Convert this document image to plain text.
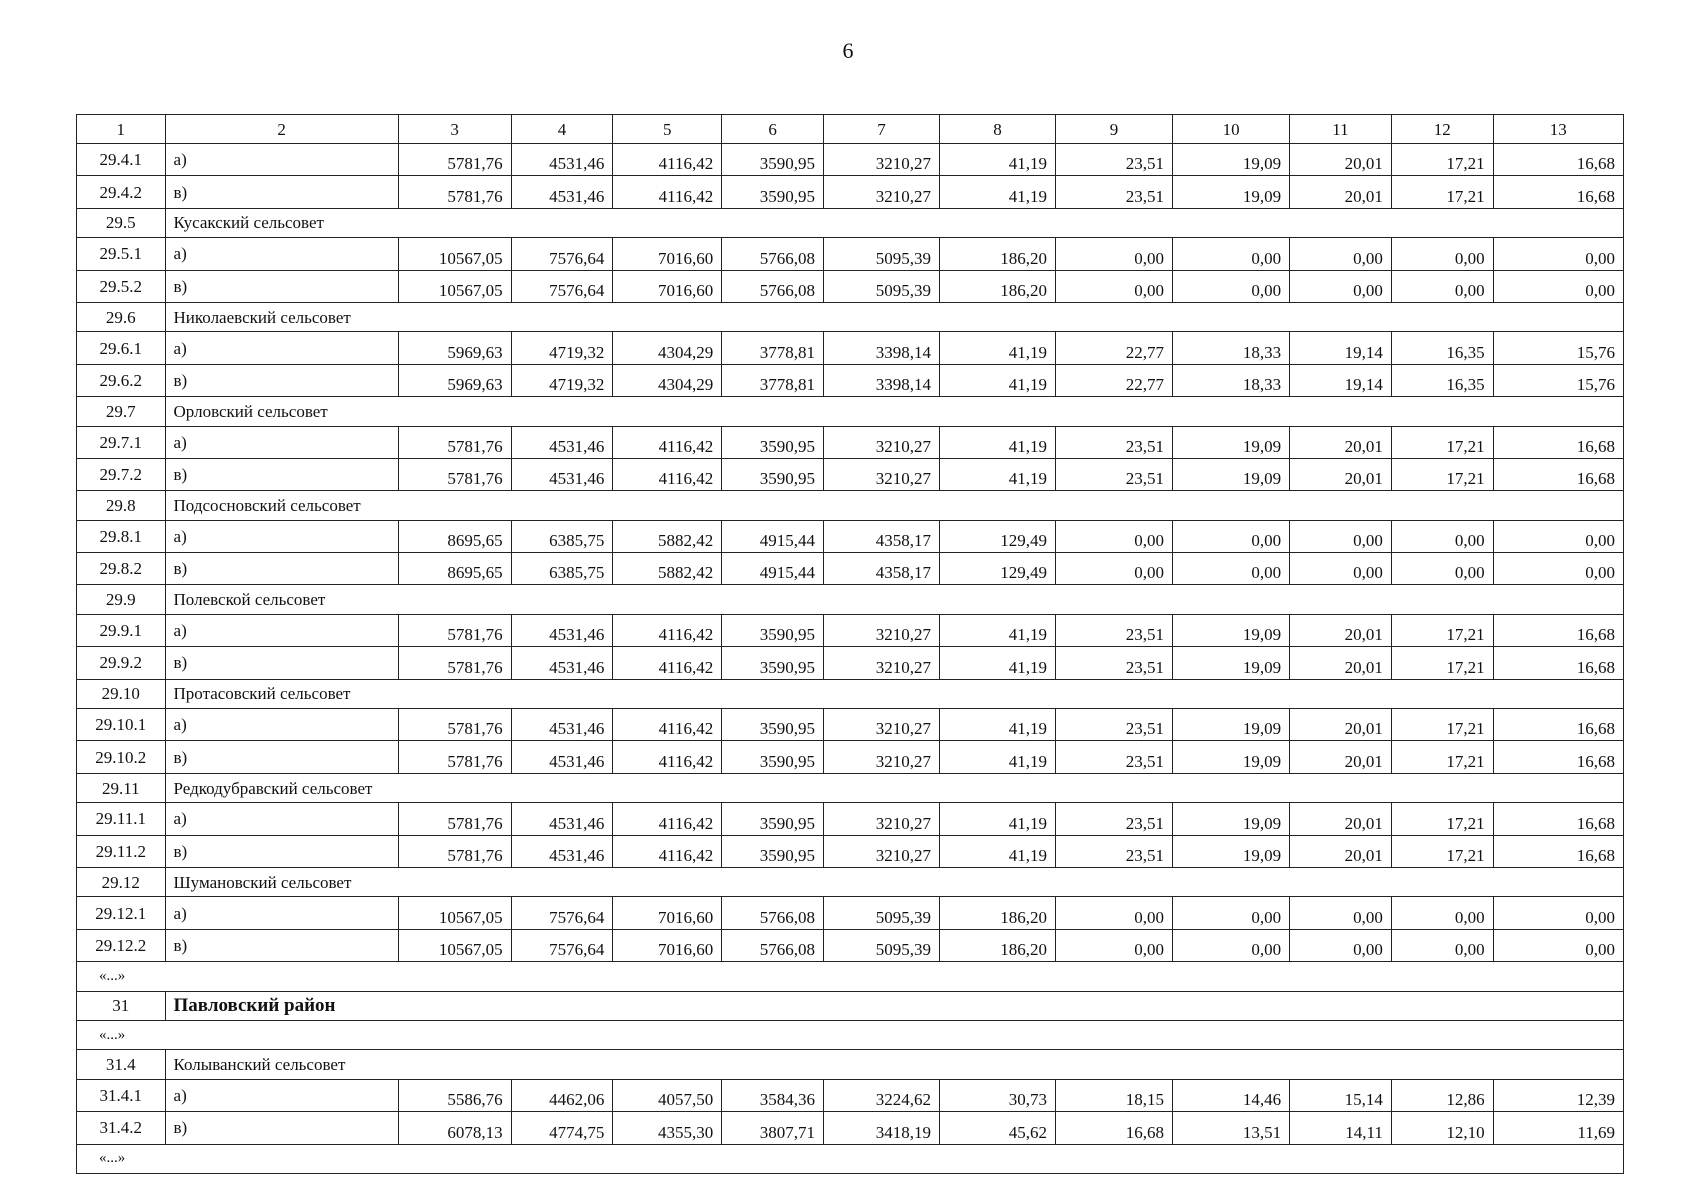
6
1	2	3	4	5	6	7	8	9	10	11	12	13
29.4.1	а)	5781,76	4531,46	4116,42	3590,95	3210,27	41,19	23,51	19,09	20,01	17,21	16,68
29.4.2	в)	5781,76	4531,46	4116,42	3590,95	3210,27	41,19	23,51	19,09	20,01	17,21	16,68
29.5	Кусакский сельсовет											
29.5.1	а)	10567,05	7576,64	7016,60	5766,08	5095,39	186,20	0,00	0,00	0,00	0,00	0,00
29.5.2	в)	10567,05	7576,64	7016,60	5766,08	5095,39	186,20	0,00	0,00	0,00	0,00	0,00
29.6	Николаевский сельсовет											
29.6.1	а)	5969,63	4719,32	4304,29	3778,81	3398,14	41,19	22,77	18,33	19,14	16,35	15,76
29.6.2	в)	5969,63	4719,32	4304,29	3778,81	3398,14	41,19	22,77	18,33	19,14	16,35	15,76
29.7	Орловский сельсовет											
29.7.1	а)	5781,76	4531,46	4116,42	3590,95	3210,27	41,19	23,51	19,09	20,01	17,21	16,68
29.7.2	в)	5781,76	4531,46	4116,42	3590,95	3210,27	41,19	23,51	19,09	20,01	17,21	16,68
29.8	Подсосновский сельсовет											
29.8.1	а)	8695,65	6385,75	5882,42	4915,44	4358,17	129,49	0,00	0,00	0,00	0,00	0,00
29.8.2	в)	8695,65	6385,75	5882,42	4915,44	4358,17	129,49	0,00	0,00	0,00	0,00	0,00
29.9	Полевской сельсовет											
29.9.1	а)	5781,76	4531,46	4116,42	3590,95	3210,27	41,19	23,51	19,09	20,01	17,21	16,68
29.9.2	в)	5781,76	4531,46	4116,42	3590,95	3210,27	41,19	23,51	19,09	20,01	17,21	16,68
29.10	Протасовский сельсовет											
29.10.1	а)	5781,76	4531,46	4116,42	3590,95	3210,27	41,19	23,51	19,09	20,01	17,21	16,68
29.10.2	в)	5781,76	4531,46	4116,42	3590,95	3210,27	41,19	23,51	19,09	20,01	17,21	16,68
29.11	Редкодубравский сельсовет											
29.11.1	а)	5781,76	4531,46	4116,42	3590,95	3210,27	41,19	23,51	19,09	20,01	17,21	16,68
29.11.2	в)	5781,76	4531,46	4116,42	3590,95	3210,27	41,19	23,51	19,09	20,01	17,21	16,68
29.12	Шумановский сельсовет											
29.12.1	а)	10567,05	7576,64	7016,60	5766,08	5095,39	186,20	0,00	0,00	0,00	0,00	0,00
29.12.2	в)	10567,05	7576,64	7016,60	5766,08	5095,39	186,20	0,00	0,00	0,00	0,00	0,00
«...»												
31	Павловский район											
«...»												
31.4	Колыванский сельсовет											
31.4.1	а)	5586,76	4462,06	4057,50	3584,36	3224,62	30,73	18,15	14,46	15,14	12,86	12,39
31.4.2	в)	6078,13	4774,75	4355,30	3807,71	3418,19	45,62	16,68	13,51	14,11	12,10	11,69
«...»												
